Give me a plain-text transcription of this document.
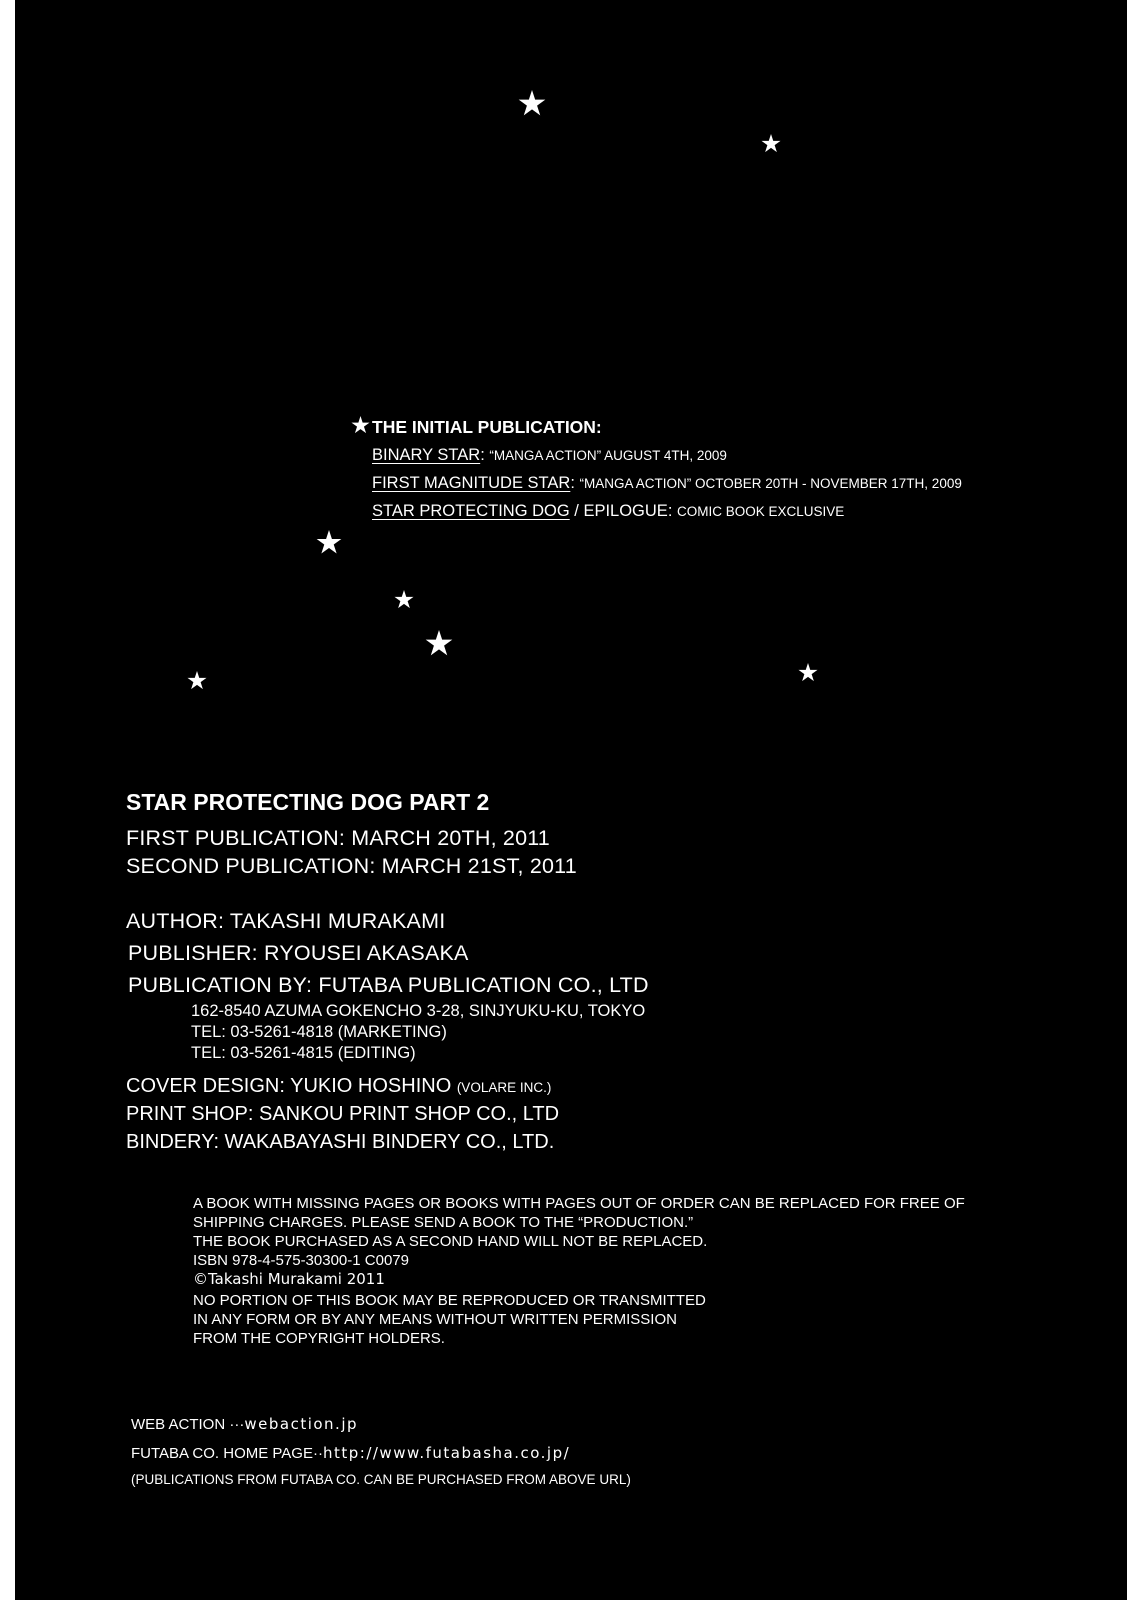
THE INITIAL PUBLICATION:
BINARY STAR: “MANGA ACTION” AUGUST 4TH, 2009
FIRST MAGNITUDE STAR: “MANGA ACTION” OCTOBER 20TH - NOVEMBER 17TH, 2009
STAR PROTECTING DOG / EPILOGUE: COMIC BOOK EXCLUSIVE
STAR PROTECTING DOG PART 2
FIRST PUBLICATION: MARCH 20TH, 2011
SECOND PUBLICATION: MARCH 21ST, 2011
AUTHOR: TAKASHI MURAKAMI
PUBLISHER: RYOUSEI AKASAKA
PUBLICATION BY: FUTABA PUBLICATION CO., LTD
162-8540 AZUMA GOKENCHO 3-28, SINJYUKU-KU, TOKYO
TEL: 03-5261-4818 (MARKETING)
TEL: 03-5261-4815 (EDITING)
COVER DESIGN: YUKIO HOSHINO (VOLARE INC.)
PRINT SHOP: SANKOU PRINT SHOP CO., LTD
BINDERY: WAKABAYASHI BINDERY CO., LTD.
A BOOK WITH MISSING PAGES OR BOOKS WITH PAGES OUT OF ORDER CAN BE REPLACED FOR FREE OF
SHIPPING CHARGES. PLEASE SEND A BOOK TO THE “PRODUCTION.”
THE BOOK PURCHASED AS A SECOND HAND WILL NOT BE REPLACED.
ISBN 978-4-575-30300-1 C0079
©Takashi Murakami 2011
NO PORTION OF THIS BOOK MAY BE REPRODUCED OR TRANSMITTED
IN ANY FORM OR BY ANY MEANS WITHOUT WRITTEN PERMISSION
FROM THE COPYRIGHT HOLDERS.
WEB ACTION ···webaction.jp
FUTABA CO. HOME PAGE··http://www.futabasha.co.jp/
(PUBLICATIONS FROM FUTABA CO. CAN BE PURCHASED FROM ABOVE URL)
